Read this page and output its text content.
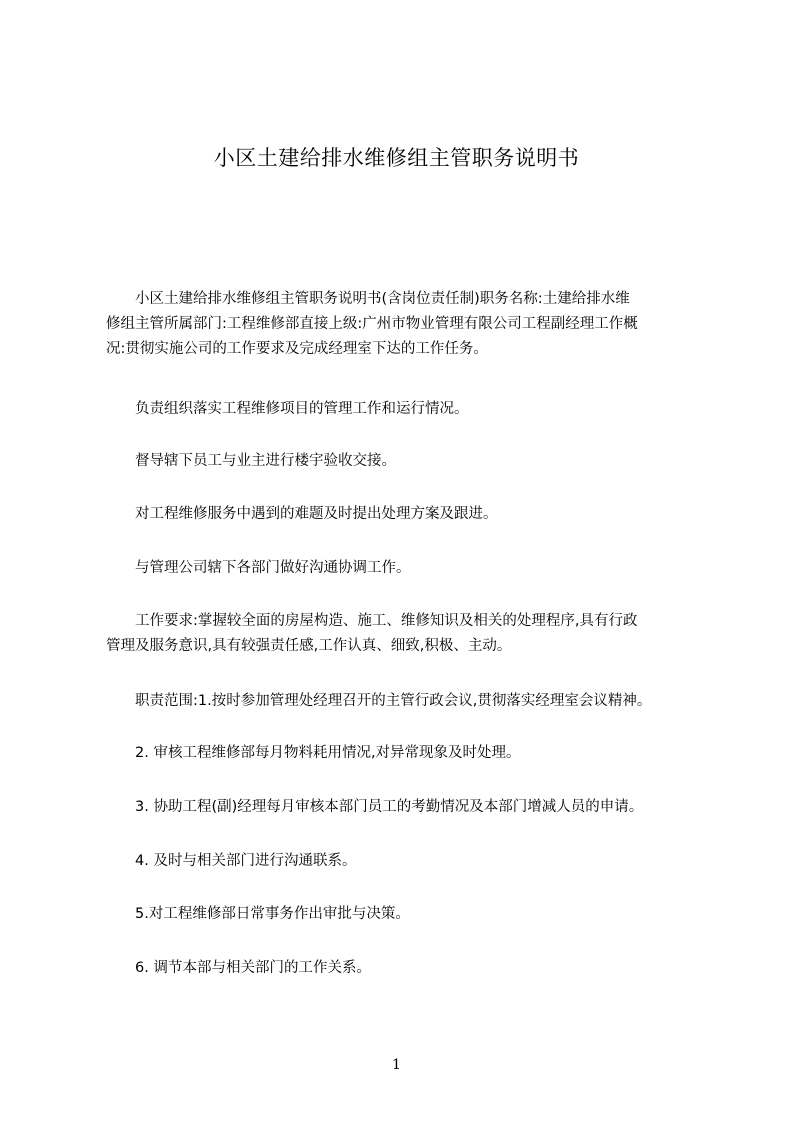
小区土建给排水维修组主管职务说明书
小区土建给排水维修组主管职务说明书(含岗位责任制)职务名称:土建给排水维
修组主管所属部门:工程维修部直接上级:广州市物业管理有限公司工程副经理工作概
况:贯彻实施公司的工作要求及完成经理室下达的工作任务。
负责组织落实工程维修项目的管理工作和运行情况。
督导辖下员工与业主进行楼宇验收交接。
对工程维修服务中遇到的难题及时提出处理方案及跟进。
与管理公司辖下各部门做好沟通协调工作。
工作要求:掌握较全面的房屋构造、施工、维修知识及相关的处理程序,具有行政
管理及服务意识,具有较强责任感,工作认真、细致,积极、主动。
职责范围:1.按时参加管理处经理召开的主管行政会议,贯彻落实经理室会议精神。
2. 审核工程维修部每月物料耗用情况,对异常现象及时处理。
3. 协助工程(副)经理每月审核本部门员工的考勤情况及本部门增减人员的申请。
4. 及时与相关部门进行沟通联系。
5.对工程维修部日常事务作出审批与决策。
6. 调节本部与相关部门的工作关系。
1
